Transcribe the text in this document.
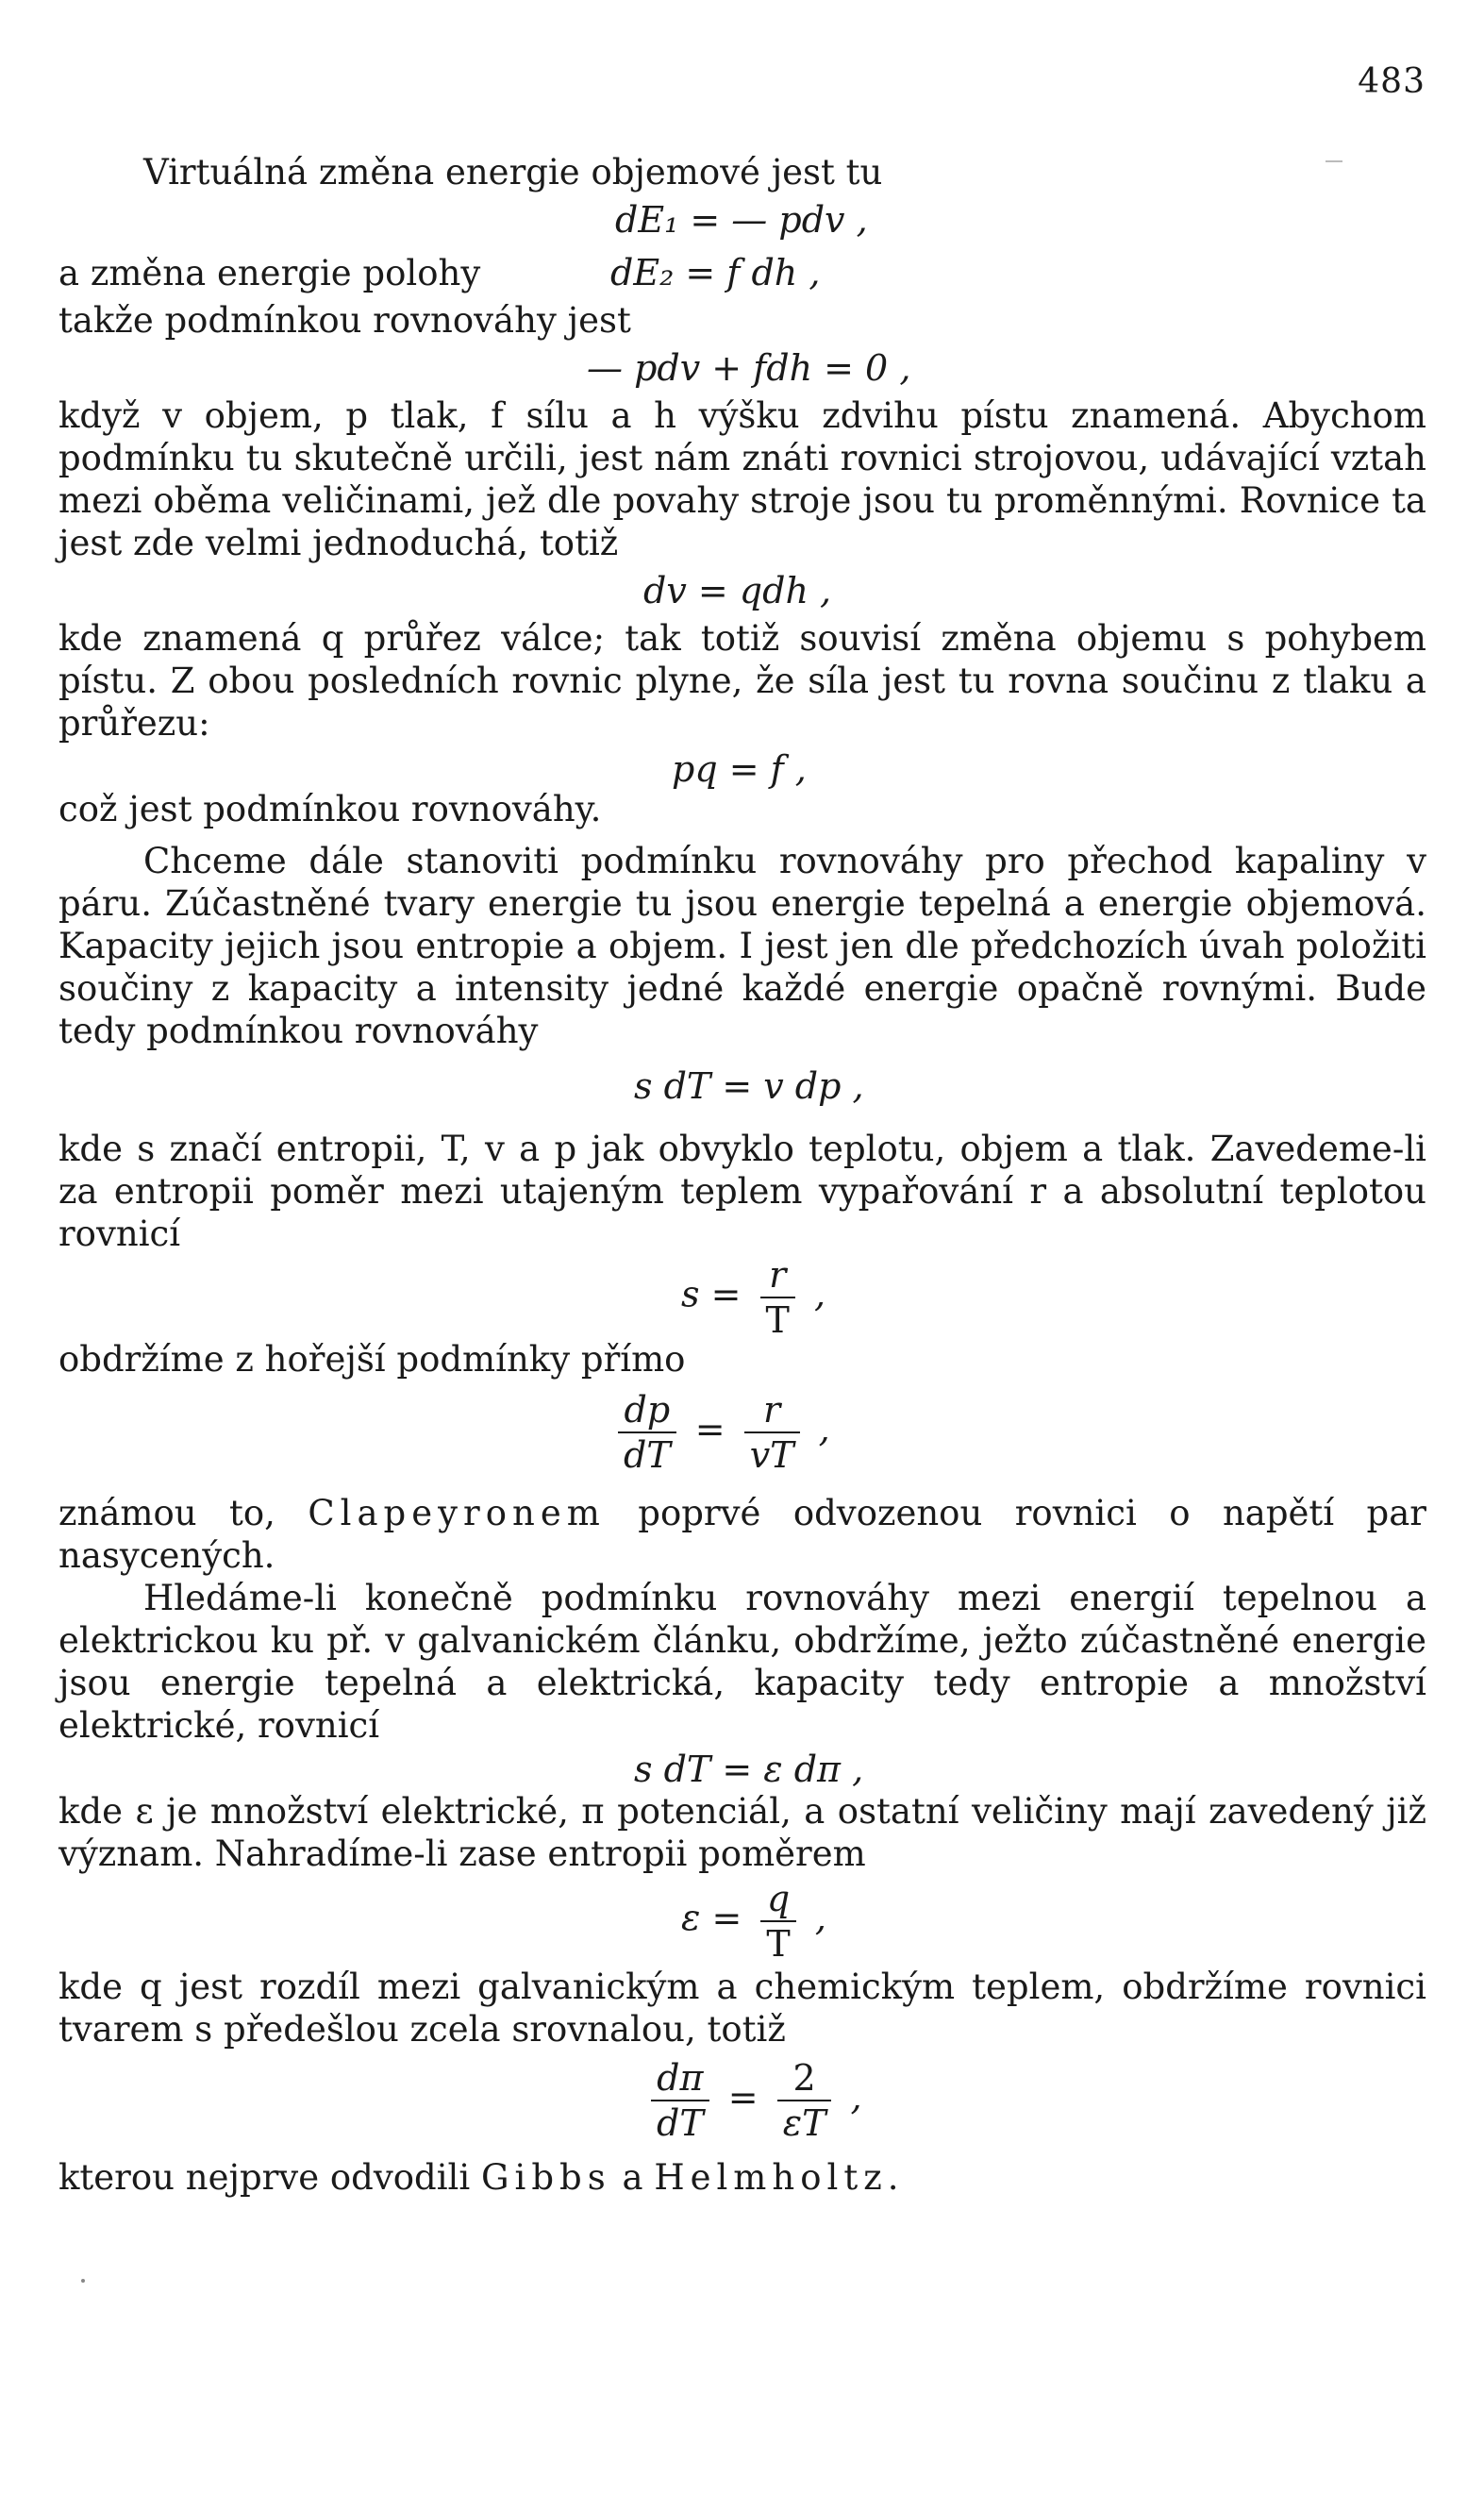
483

Virtuálná změna energie objemové jest tu

dE₁ = — pdv ,
a změna energie polohy	dE₂ = f dh ,

takže podmínkou rovnováhy jest

— pdv + fdh = 0 ,

když v objem, p tlak, f sílu a h výšku zdvihu pístu znamená. Abychom podmínku tu skutečně určili, jest nám znáti rovnici strojovou, udávající vztah mezi oběma veličinami, jež dle povahy stroje jsou tu proměnnými. Rovnice ta jest zde velmi jednoduchá, totiž

dv = qdh ,

kde znamená q průřez válce; tak totiž souvisí změna objemu s pohybem pístu. Z obou posledních rovnic plyne, že síla jest tu rovna součinu z tlaku a průřezu:

pq = f ,

což jest podmínkou rovnováhy.

Chceme dále stanoviti podmínku rovnováhy pro přechod kapaliny v páru. Zúčastněné tvary energie tu jsou energie tepelná a energie objemová. Kapacity jejich jsou entropie a objem. I jest jen dle předchozích úvah položiti součiny z kapacity a intensity jedné každé energie opačně rovnými. Bude tedy podmínkou rovnováhy

s dT = v dp ,

kde s značí entropii, T, v a p jak obvyklo teplotu, objem a tlak. Zavedeme-li za entropii poměr mezi utajeným teplem vypařování r a absolutní teplotou rovnicí

$s = \frac{r}{T}$ ,

obdržíme z hořejší podmínky přímo

$\frac{dp}{dT} = \frac{r}{vT}$ ,

známou to, Clapeyronem poprvé odvozenou rovnici o napětí par nasycených.

Hledáme-li konečně podmínku rovnováhy mezi energií tepelnou a elektrickou ku př. v galvanickém článku, obdržíme, ježto zúčastněné energie jsou energie tepelná a elektrická, kapacity tedy entropie a množství elektrické, rovnicí

s dT = ε dπ ,

kde ε je množství elektrické, π potenciál, a ostatní veličiny mají zavedený již význam. Nahradíme-li zase entropii poměrem

$\varepsilon = \frac{q}{T}$ ,

kde q jest rozdíl mezi galvanickým a chemickým teplem, obdržíme rovnici tvarem s předešlou zcela srovnalou, totiž

$\frac{d\pi}{dT} = \frac{2}{\varepsilon T}$ ,

kterou nejprve odvodili Gibbs a Helmholtz.
